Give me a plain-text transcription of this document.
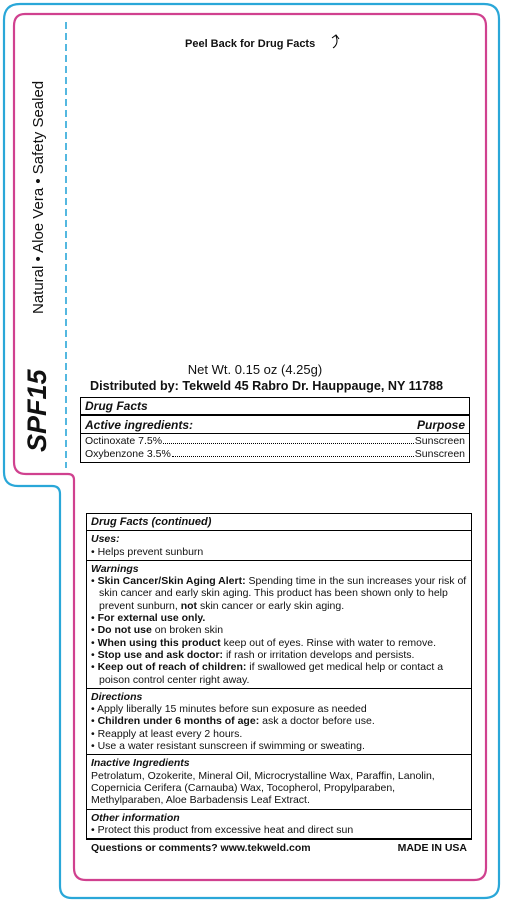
Natural • Aloe Vera • Safety Sealed
SPF15
Peel Back for Drug Facts
Net Wt. 0.15 oz (4.25g)
Distributed by: Tekweld 45 Rabro Dr. Hauppauge, NY 11788
Drug Facts
Active ingredients:	Purpose
Octinoxate 7.5%	Sunscreen
Oxybenzone 3.5%	Sunscreen
Drug Facts (continued)
Uses:
• Helps prevent sunburn
Warnings
• Skin Cancer/Skin Aging Alert: Spending time in the sun increases your risk of skin cancer and early skin aging. This product has been shown only to help prevent sunburn, not skin cancer or early skin aging.
• For external use only.
• Do not use on broken skin
• When using this product keep out of eyes. Rinse with water to remove.
• Stop use and ask doctor: if rash or irritation develops and persists.
• Keep out of reach of children: if swallowed get medical help or contact a poison control center right away.
Directions
• Apply liberally 15 minutes before sun exposure as needed
• Children under 6 months of age: ask a doctor before use.
• Reapply at least every 2 hours.
• Use a water resistant sunscreen if swimming or sweating.
Inactive Ingredients
Petrolatum, Ozokerite, Mineral Oil, Microcrystalline Wax, Paraffin, Lanolin, Copernicia Cerifera (Carnauba) Wax, Tocopherol, Propylparaben, Methylparaben, Aloe Barbadensis Leaf Extract.
Other information
• Protect this product from excessive heat and direct sun
Questions or comments? www.tekweld.com	MADE IN USA
